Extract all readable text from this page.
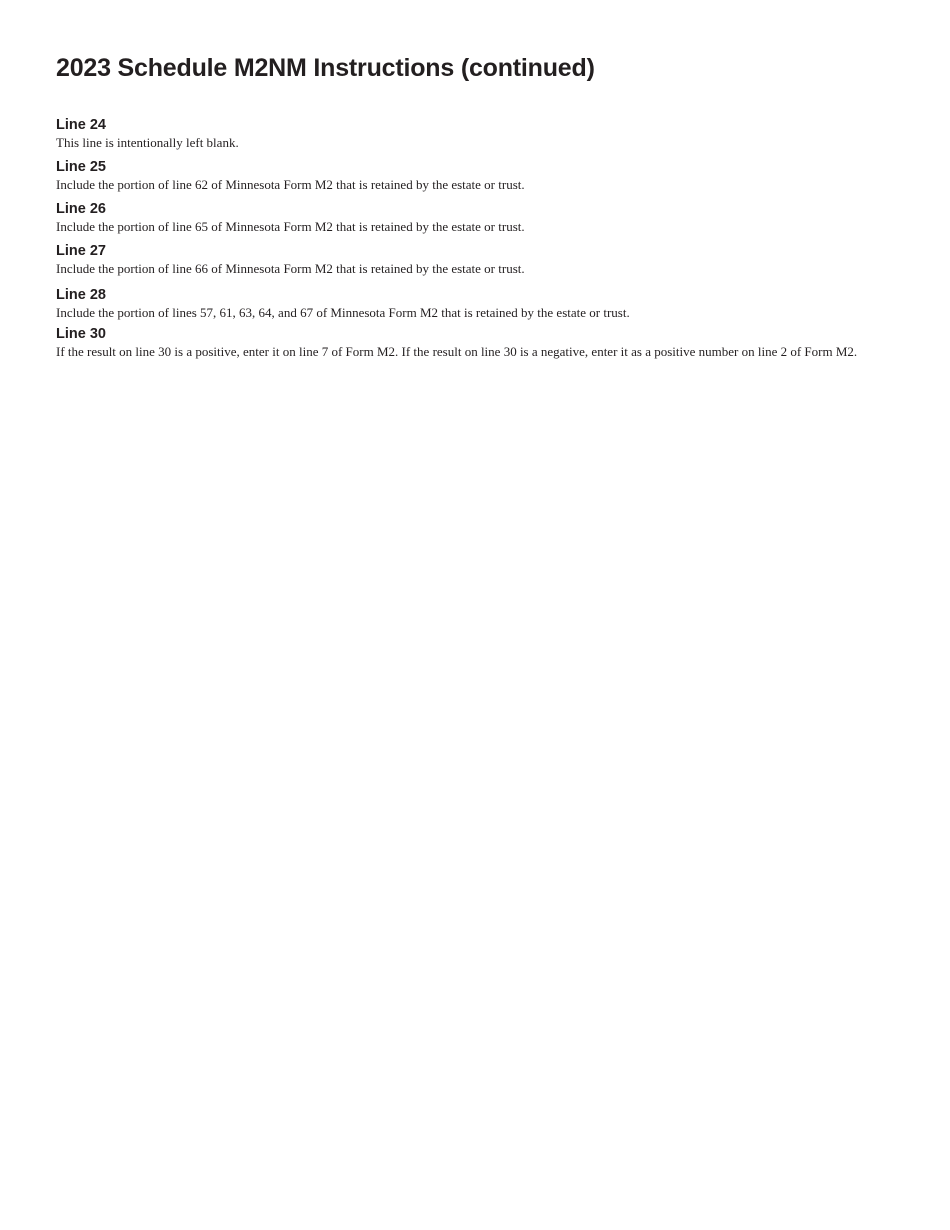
2023 Schedule M2NM Instructions (continued)
Line 24

This line is intentionally left blank.

Line 25

Include the portion of line 62 of Minnesota Form M2 that is retained by the estate or trust.

Line 26

Include the portion of line 65 of Minnesota Form M2 that is retained by the estate or trust.

Line 27

Include the portion of line 66 of Minnesota Form M2 that is retained by the estate or trust.

Line 28

Include the portion of lines 57, 61, 63, 64, and 67 of Minnesota Form M2 that is retained by the estate or trust.

Line 30

If the result on line 30 is a positive, enter it on line 7 of Form M2. If the result on line 30 is a negative, enter it as a positive number on line 2 of Form M2.
